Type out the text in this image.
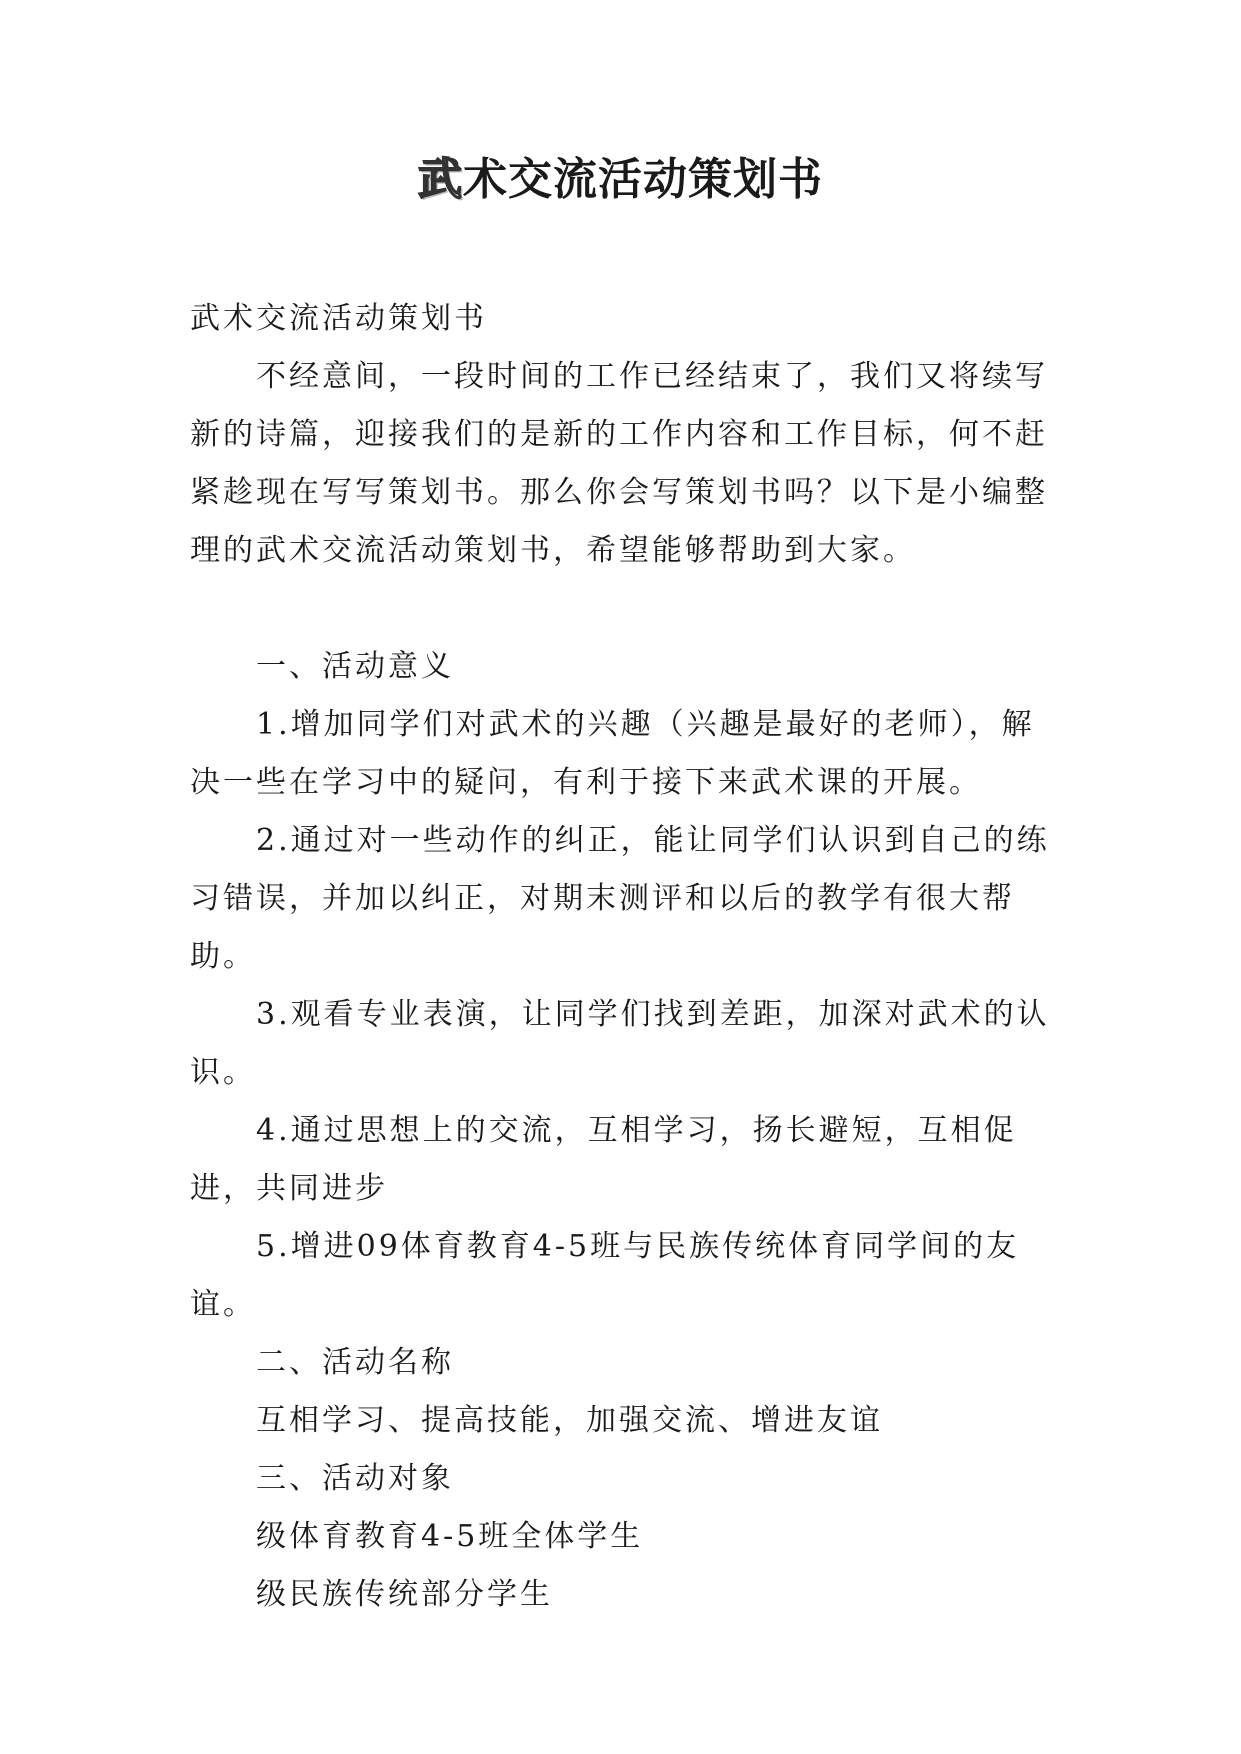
武术交流活动策划书

武术交流活动策划书

不经意间，一段时间的工作已经结束了，我们又将续写新的诗篇，迎接我们的是新的工作内容和工作目标，何不赶紧趁现在写写策划书。那么你会写策划书吗？以下是小编整理的武术交流活动策划书，希望能够帮助到大家。

一、活动意义

1.增加同学们对武术的兴趣（兴趣是最好的老师），解决一些在学习中的疑问，有利于接下来武术课的开展。

2.通过对一些动作的纠正，能让同学们认识到自己的练习错误，并加以纠正，对期末测评和以后的教学有很大帮助。

3.观看专业表演，让同学们找到差距，加深对武术的认识。

4.通过思想上的交流，互相学习，扬长避短，互相促进，共同进步

5.增进09体育教育4-5班与民族传统体育同学间的友谊。

二、活动名称

互相学习、提高技能，加强交流、增进友谊

三、活动对象

级体育教育4-5班全体学生

级民族传统部分学生
